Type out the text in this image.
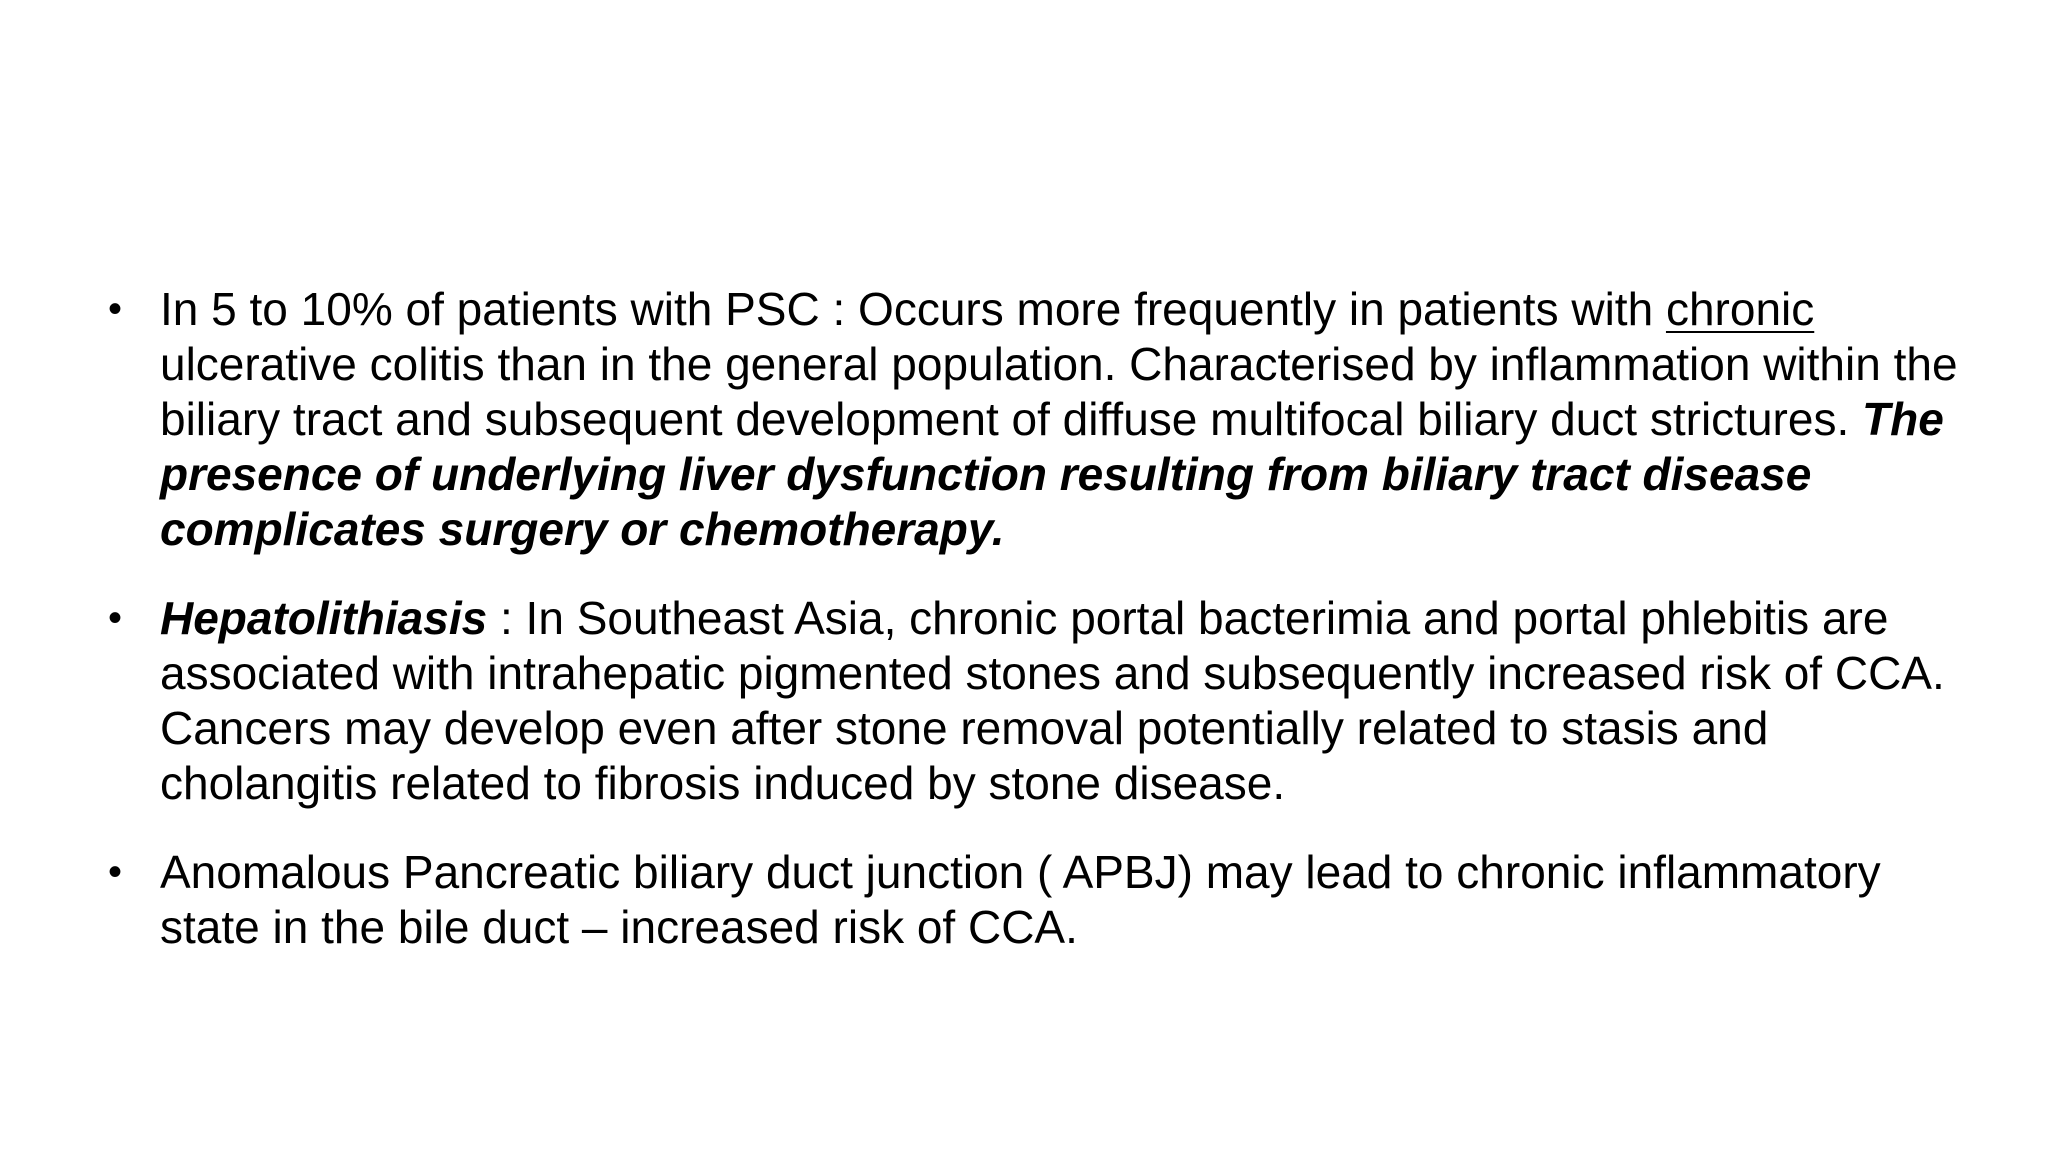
• In 5 to 10% of patients with PSC : Occurs more frequently in patients with chronic ulcerative colitis than in the general population. Characterised by inflammation within the biliary tract and subsequent development of diffuse multifocal biliary duct strictures. The presence of underlying liver dysfunction resulting from biliary tract disease complicates surgery or chemotherapy.

• Hepatolithiasis : In Southeast Asia, chronic portal bacterimia and portal phlebitis are associated with intrahepatic pigmented stones and subsequently increased risk of CCA. Cancers may develop even after stone removal potentially related to stasis and cholangitis related to fibrosis induced by stone disease.

• Anomalous Pancreatic biliary duct junction ( APBJ) may lead to chronic inflammatory state in the bile duct – increased risk of CCA.
